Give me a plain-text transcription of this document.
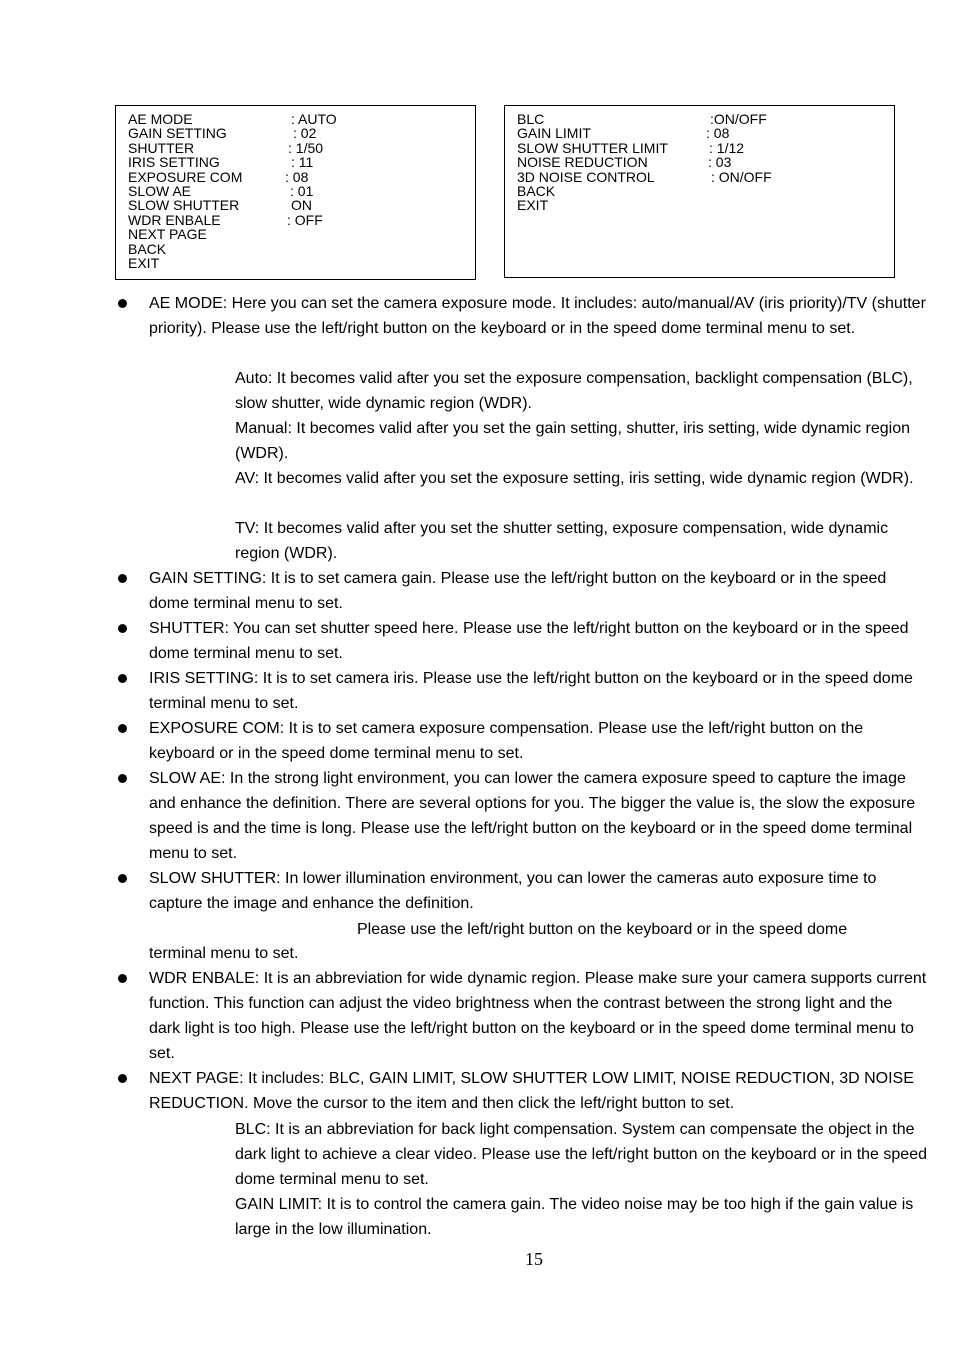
AE MODE	: AUTO
GAIN SETTING	: 02
SHUTTER	: 1/50
IRIS SETTING	: 11
EXPOSURE COM	: 08
SLOW AE	: 01
SLOW SHUTTER	ON
WDR ENBALE	: OFF
NEXT PAGE
BACK
EXIT
BLC	:ON/OFF
GAIN LIMIT	: 08
SLOW SHUTTER LIMIT	: 1/12
NOISE REDUCTION	: 03
3D NOISE CONTROL	: ON/OFF
BACK
EXIT
AE MODE: Here you can set the camera exposure mode. It includes: auto/manual/AV (iris priority)/TV (shutter priority). Please use the left/right button on the keyboard or in the speed dome terminal menu to set.
Auto: It becomes valid after you set the exposure compensation, backlight compensation (BLC), slow shutter, wide dynamic region (WDR).
Manual: It becomes valid after you set the gain setting, shutter, iris setting, wide dynamic region (WDR).
AV: It becomes valid after you set the exposure setting, iris setting, wide dynamic region (WDR).
TV: It becomes valid after you set the shutter setting, exposure compensation, wide dynamic region (WDR).
GAIN SETTING: It is to set camera gain. Please use the left/right button on the keyboard or in the speed dome terminal menu to set.
SHUTTER: You can set shutter speed here. Please use the left/right button on the keyboard or in the speed dome terminal menu to set.
IRIS SETTING: It is to set camera iris. Please use the left/right button on the keyboard or in the speed dome terminal menu to set.
EXPOSURE COM: It is to set camera exposure compensation. Please use the left/right button on the keyboard or in the speed dome terminal menu to set.
SLOW AE: In the strong light environment, you can lower the camera exposure speed to capture the image and enhance the definition. There are several options for you. The bigger the value is, the slow the exposure speed is and the time is long. Please use the left/right button on the keyboard or in the speed dome terminal menu to set.
SLOW SHUTTER: In lower illumination environment, you can lower the cameras auto exposure time to capture the image and enhance the definition.
Please use the left/right button on the keyboard or in the speed dome
terminal menu to set.
WDR ENBALE: It is an abbreviation for wide dynamic region. Please make sure your camera supports current function. This function can adjust the video brightness when the contrast between the strong light and the dark light is too high. Please use the left/right button on the keyboard or in the speed dome terminal menu to set.
NEXT PAGE: It includes: BLC, GAIN LIMIT, SLOW SHUTTER LOW LIMIT, NOISE REDUCTION, 3D NOISE REDUCTION. Move the cursor to the item and then click the left/right button to set.
BLC: It is an abbreviation for back light compensation. System can compensate the object in the dark light to achieve a clear video. Please use the left/right button on the keyboard or in the speed dome terminal menu to set.
GAIN LIMIT: It is to control the camera gain. The video noise may be too high if the gain value is large in the low illumination.
15
